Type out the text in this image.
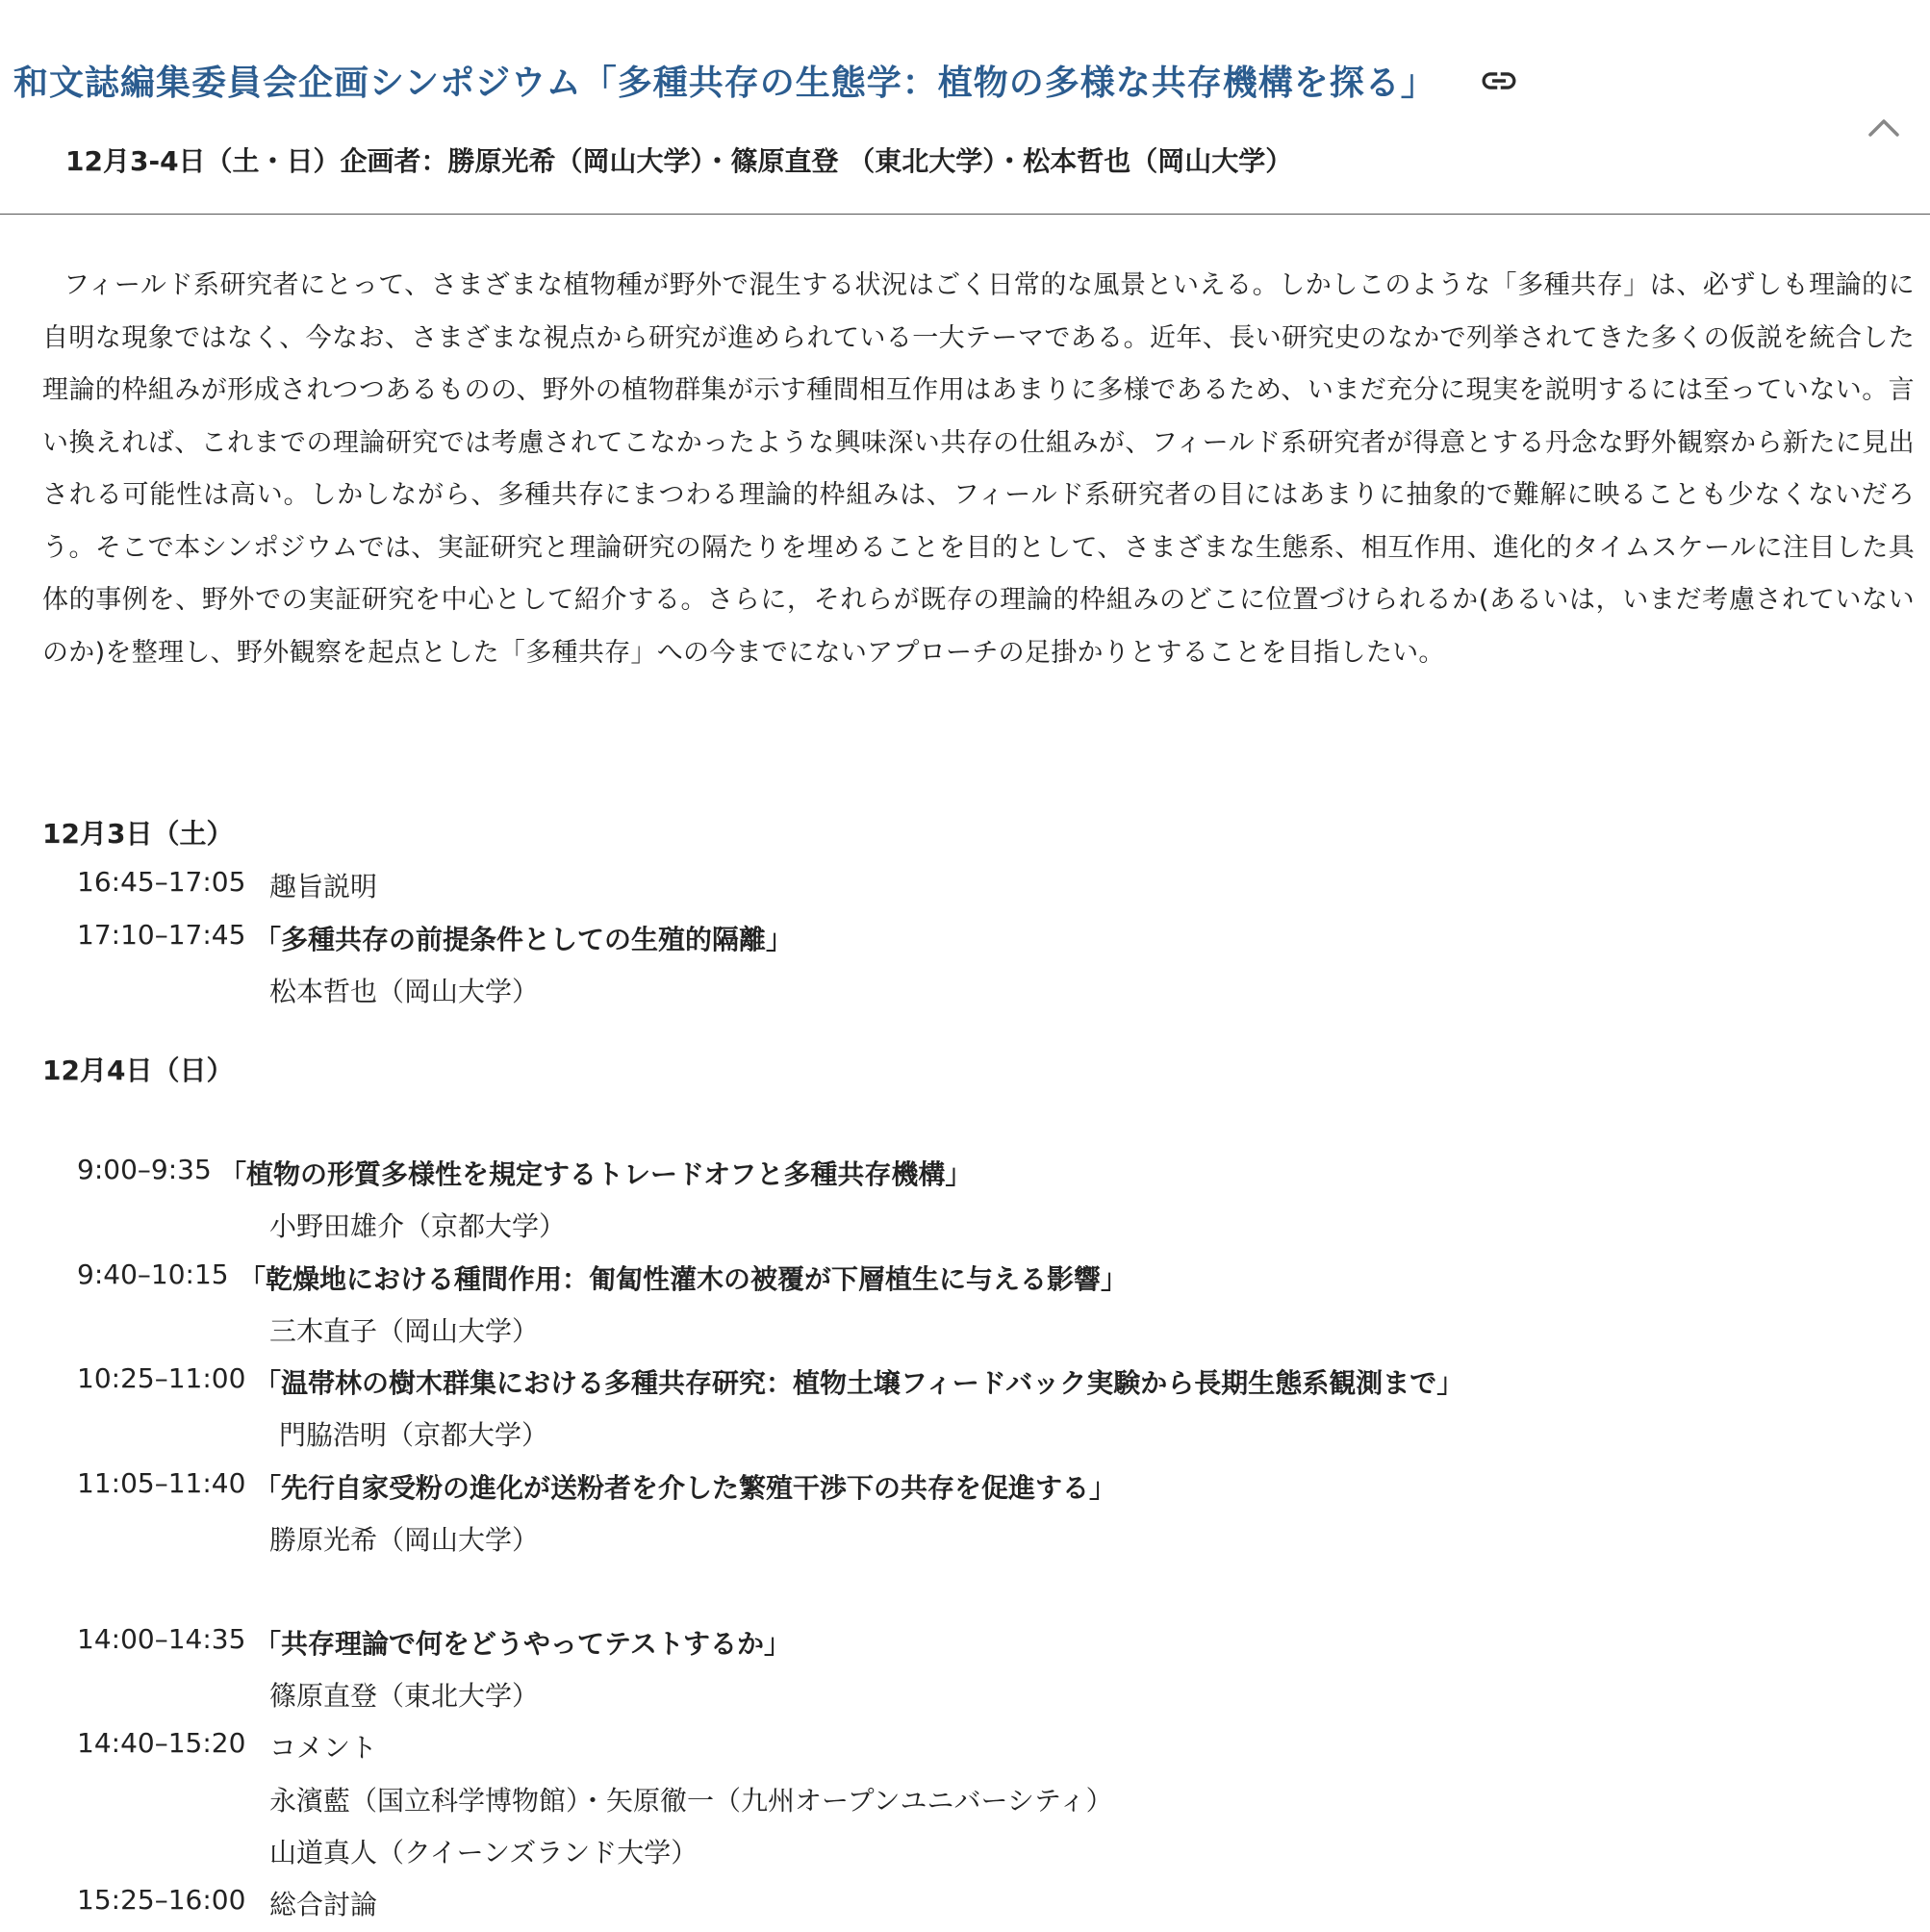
和文誌編集委員会企画シンポジウム「多種共存の生態学：植物の多様な共存機構を探る」
12月3-4日（土・日）企画者：勝原光希（岡山大学）・篠原直登 （東北大学）・松本哲也（岡山大学）

フィールド系研究者にとって、さまざまな植物種が野外で混生する状況はごく日常的な風景といえる。しかしこのような「多種共存」は、必ずしも理論的に自明な現象ではなく、今なお、さまざまな視点から研究が進められている一大テーマである。近年、長い研究史のなかで列挙されてきた多くの仮説を統合した理論的枠組みが形成されつつあるものの、野外の植物群集が示す種間相互作用はあまりに多様であるため、いまだ充分に現実を説明するには至っていない。言い換えれば、これまでの理論研究では考慮されてこなかったような興味深い共存の仕組みが、フィールド系研究者が得意とする丹念な野外観察から新たに見出される可能性は高い。しかしながら、多種共存にまつわる理論的枠組みは、フィールド系研究者の目にはあまりに抽象的で難解に映ることも少なくないだろう。そこで本シンポジウムでは、実証研究と理論研究の隔たりを埋めることを目的として、さまざまな生態系、相互作用、進化的タイムスケールに注目した具体的事例を、野外での実証研究を中心として紹介する。さらに，それらが既存の理論的枠組みのどこに位置づけられるか(あるいは，いまだ考慮されていないのか)を整理し、野外観察を起点とした「多種共存」への今までにないアプローチの足掛かりとすることを目指したい。

12月3日（土）
16:45–17:05 趣旨説明
17:10–17:45 「多種共存の前提条件としての生殖的隔離」
松本哲也（岡山大学）
12月4日（日）
9:00–9:35 「植物の形質多様性を規定するトレードオフと多種共存機構」
小野田雄介（京都大学）
9:40–10:15 「乾燥地における種間作用：匍匐性灌木の被覆が下層植生に与える影響」
三木直子（岡山大学）
10:25–11:00 「温帯林の樹木群集における多種共存研究：植物土壌フィードバック実験から長期生態系観測まで」
門脇浩明（京都大学）
11:05–11:40 「先行自家受粉の進化が送粉者を介した繁殖干渉下の共存を促進する」
勝原光希（岡山大学）
14:00–14:35 「共存理論で何をどうやってテストするか」
篠原直登（東北大学）
14:40–15:20 コメント
永濱藍（国立科学博物館）・矢原徹一（九州オープンユニバーシティ）
山道真人（クイーンズランド大学）
15:25–16:00 総合討論
